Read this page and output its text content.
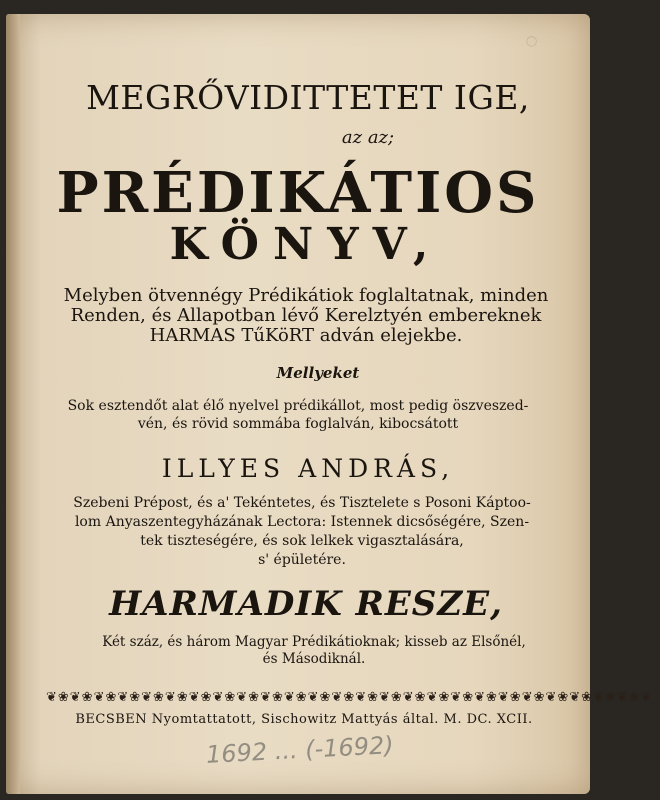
◯
MEGRŐVIDITTETET IGE,
az az;
PRÉDIKÁTIOS
KÖNYV,
Melyben ötvennégy Prédikátiok foglaltatnak, minden
Renden, és Allapotban lévő Kerelztyén embereknek
HARMAS TűKöRT adván elejekbe.
Mellyeket
Sok esztendőt alat élő nyelvel prédikállot, most pedig öszveszed-
vén, és rövid sommába foglalván, kibocsátott
ILLYES ANDRÁS,
Szebeni Prépost, és a' Tekéntetes, és Tisztelete s Posoni Káptoo-
lom Anyaszentegyházának Lectora: Istennek dicsőségére, Szen-
tek tiszteségére, és sok lelkek vigasztalására,
s' épületére.
HARMADIK RESZE,
Két száz, és három Magyar Prédikátioknak; kisseb az Elsőnél,
és Másodiknál.
❦❀❦❀❦❀❦❀❦❀❦❀❦❀❦❀❦❀❦❀❦❀❦❀❦❀❦❀❦❀❦❀❦❀❦❀❦❀❦❀❦❀❦❀❦❀❦❀❦❀❦
BECSBEN Nyomtattatott, Sischowitz Mattyás által. M. DC. XCII.
1692 ... (-1692)
